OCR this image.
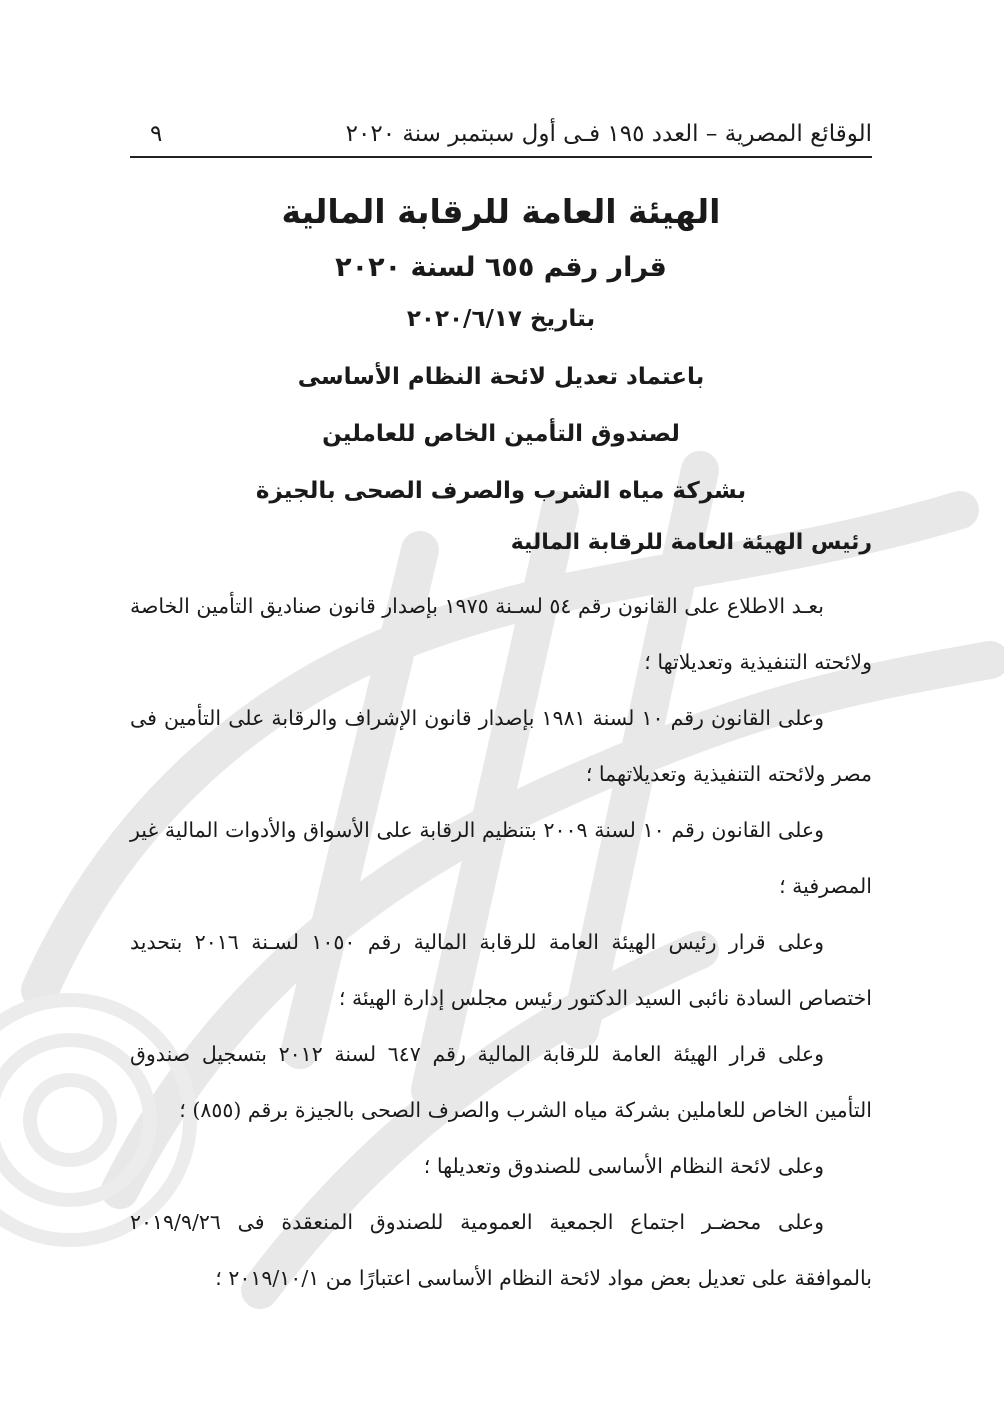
الوقائع المصرية – العدد ١٩٥ فـى أول سبتمبر سنة ٢٠٢٠
٩
الهيئة العامة للرقابة المالية
قرار رقم ٦٥٥ لسنة ٢٠٢٠
بتاريخ ٢٠٢٠/٦/١٧
باعتماد تعديل لائحة النظام الأساسى
لصندوق التأمين الخاص للعاملين
بشركة مياه الشرب والصرف الصحى بالجيزة
رئيس الهيئة العامة للرقابة المالية

بعـد الاطلاع على القانون رقم ٥٤ لسـنة ١٩٧٥ بإصدار قانون صناديق التأمين الخاصة ولائحته التنفيذية وتعديلاتها ؛

وعلى القانون رقم ١٠ لسنة ١٩٨١ بإصدار قانون الإشراف والرقابة على التأمين فى مصر ولائحته التنفيذية وتعديلاتهما ؛

وعلى القانون رقم ١٠ لسنة ٢٠٠٩ بتنظيم الرقابة على الأسواق والأدوات المالية غير المصرفية ؛

وعلى قرار رئيس الهيئة العامة للرقابة المالية رقم ١٠٥٠ لسـنة ٢٠١٦ بتحديد اختصاص السادة نائبى السيد الدكتور رئيس مجلس إدارة الهيئة ؛

وعلى قرار الهيئة العامة للرقابة المالية رقم ٦٤٧ لسنة ٢٠١٢ بتسجيل صندوق التأمين الخاص للعاملين بشركة مياه الشرب والصرف الصحى بالجيزة برقم (٨٥٥) ؛

وعلى لائحة النظام الأساسى للصندوق وتعديلها ؛

وعلى محضـر اجتماع الجمعية العمومية للصندوق المنعقدة فى ٢٠١٩/٩/٢٦ بالموافقة على تعديل بعض مواد لائحة النظام الأساسى اعتبارًا من ٢٠١٩/١٠/١ ؛
